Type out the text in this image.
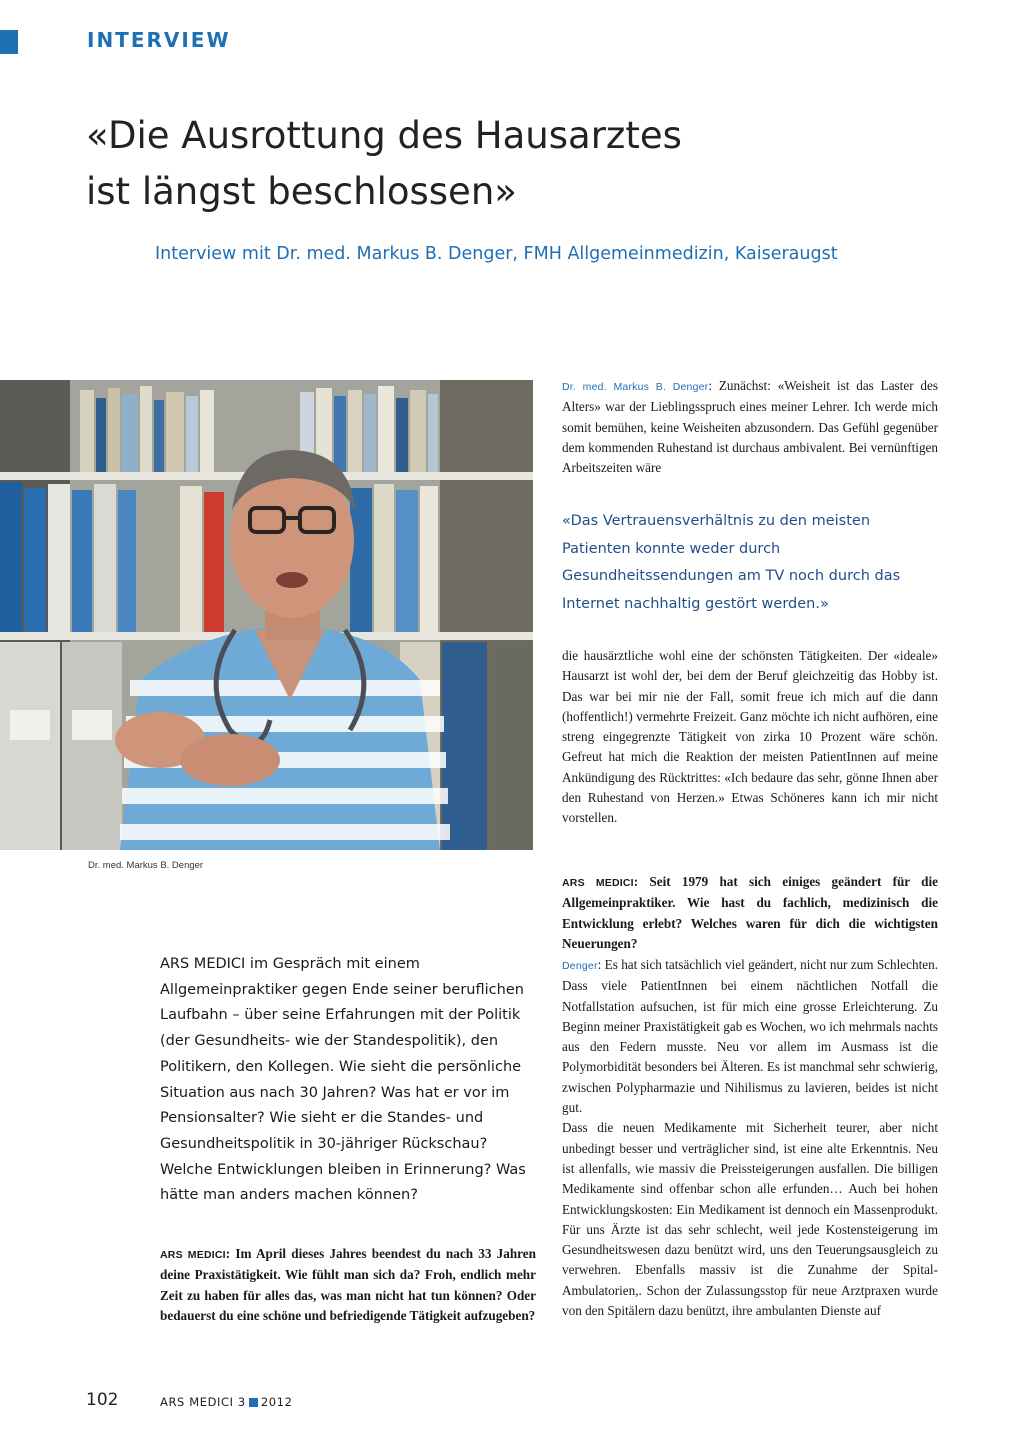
INTERVIEW
«Die Ausrottung des Hausarztes
ist längst beschlossen»
Interview mit Dr. med. Markus B. Denger, FMH Allgemeinmedizin, Kaiseraugst
Dr. med. Markus B. Denger
ARS MEDICI im Gespräch mit einem Allgemeinpraktiker gegen Ende seiner beruflichen Laufbahn – über seine Erfahrungen mit der Politik (der Gesundheits- wie der Standespolitik), den Politikern, den Kollegen. Wie sieht die persönliche Situation aus nach 30 Jahren? Was hat er vor im Pensionsalter? Wie sieht er die Standes- und Gesundheitspolitik in 30-jähriger Rückschau? Welche Entwicklungen bleiben in Erinnerung? Was hätte man anders machen können?

ARS MEDICI: Im April dieses Jahres beendest du nach 33 Jahren deine Praxistätigkeit. Wie fühlt man sich da? Froh, endlich mehr Zeit zu haben für alles das, was man nicht hat tun können? Oder bedauerst du eine schöne und befriedigende Tätigkeit aufzugeben?

Dr. med. Markus B. Denger: Zunächst: «Weisheit ist das Laster des Alters» war der Lieblingsspruch eines meiner Lehrer. Ich werde mich somit bemühen, keine Weisheiten abzusondern. Das Gefühl gegenüber dem kommenden Ruhestand ist durchaus ambivalent. Bei vernünftigen Arbeitszeiten wäre

«Das Vertrauensverhältnis zu den meisten Patienten konnte weder durch Gesundheitssendungen am TV noch durch das Internet nachhaltig gestört werden.»

die hausärztliche wohl eine der schönsten Tätigkeiten. Der «ideale» Hausarzt ist wohl der, bei dem der Beruf gleichzeitig das Hobby ist. Das war bei mir nie der Fall, somit freue ich mich auf die dann (hoffentlich!) vermehrte Freizeit. Ganz möchte ich nicht aufhören, eine streng eingegrenzte Tätigkeit von zirka 10 Prozent wäre schön. Gefreut hat mich die Reaktion der meisten PatientInnen auf meine Ankündigung des Rücktrittes: «Ich bedaure das sehr, gönne Ihnen aber den Ruhestand von Herzen.» Etwas Schöneres kann ich mir nicht vorstellen.

ARS MEDICI: Seit 1979 hat sich einiges geändert für die Allgemeinpraktiker. Wie hast du fachlich, medizinisch die Entwicklung erlebt? Welches waren für dich die wichtigsten Neuerungen?

Denger: Es hat sich tatsächlich viel geändert, nicht nur zum Schlechten. Dass viele PatientInnen bei einem nächtlichen Notfall die Notfallstation aufsuchen, ist für mich eine grosse Erleichterung. Zu Beginn meiner Praxistätigkeit gab es Wochen, wo ich mehrmals nachts aus den Federn musste. Neu vor allem im Ausmass ist die Polymorbidität besonders bei Älteren. Es ist manchmal sehr schwierig, zwischen Polypharmazie und Nihilismus zu lavieren, beides ist nicht gut.

Dass die neuen Medikamente mit Sicherheit teurer, aber nicht unbedingt besser und verträglicher sind, ist eine alte Erkenntnis. Neu ist allenfalls, wie massiv die Preissteigerungen ausfallen. Die billigen Medikamente sind offenbar schon alle erfunden… Auch bei hohen Entwicklungskosten: Ein Medikament ist dennoch ein Massenprodukt. Für uns Ärzte ist das sehr schlecht, weil jede Kostensteigerung im Gesundheitswesen dazu benützt wird, uns den Teuerungsausgleich zu verwehren. Ebenfalls massiv ist die Zunahme der Spital-Ambulatorien,. Schon der Zulassungsstop für neue Arztpraxen wurde von den Spitälern dazu benützt, ihre ambulanten Dienste auf

102	ARS MEDICI 3 2012
